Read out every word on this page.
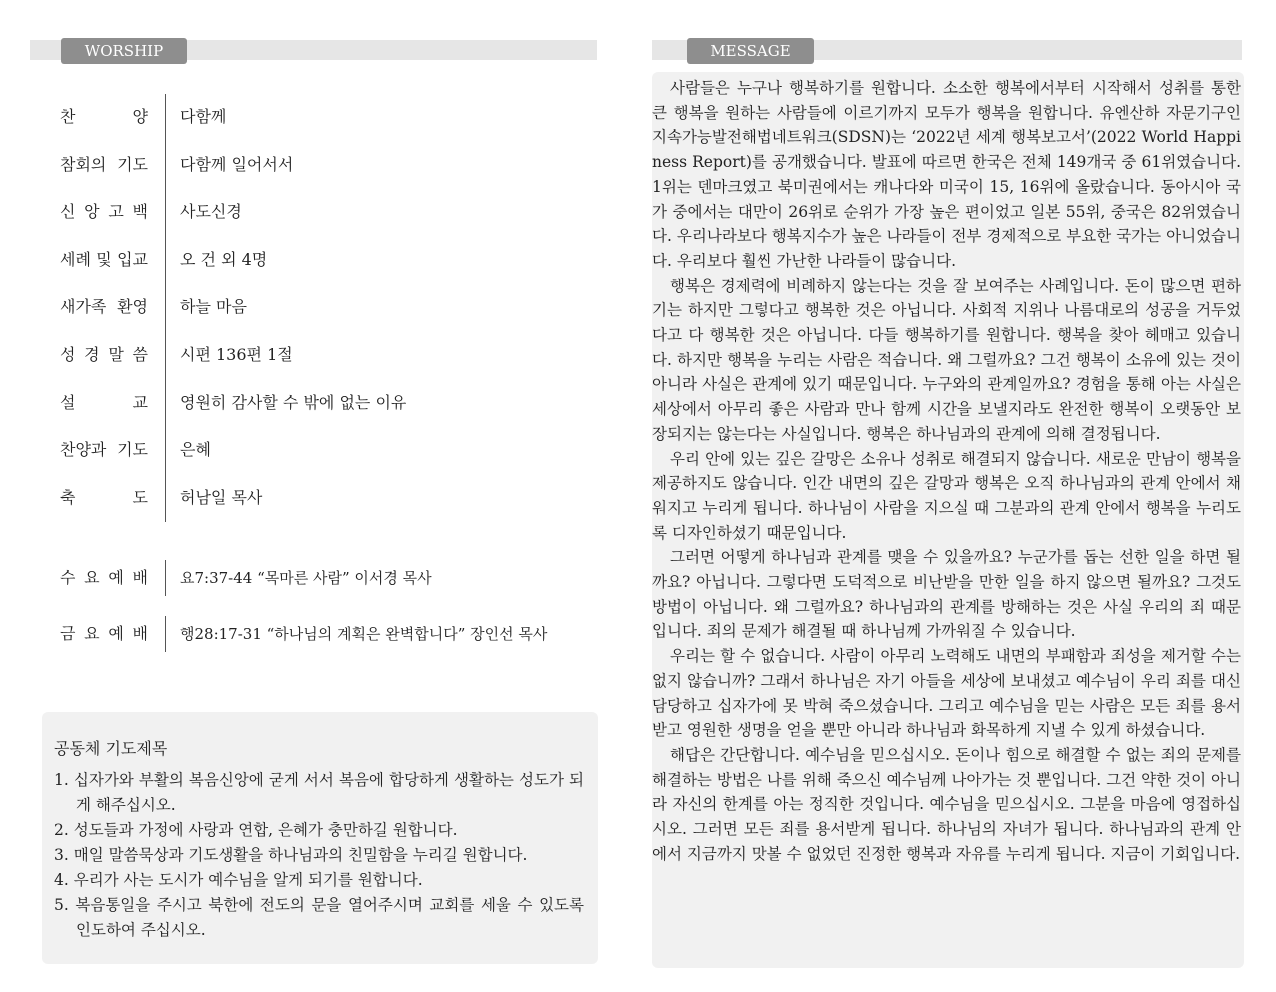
WORSHIP
찬 양	다함께
참회의 기도	다함께 일어서서
신 앙 고 백	사도신경
세례 및 입교	오 건 외 4명
새가족 환영	하늘 마음
성 경 말 씀	시편 136편 1절
설 교	영원히 감사할 수 밖에 없는 이유
찬양과 기도	은혜
축 도	허남일 목사
수 요 예 배	요7:37-44 “목마른 사람” 이서경 목사
금 요 예 배	행28:17-31 “하나님의 계획은 완벽합니다” 장인선 목사
공동체 기도제목
1. 십자가와 부활의 복음신앙에 굳게 서서 복음에 합당하게 생활하는 성도가 되게 해주십시오.
2. 성도들과 가정에 사랑과 연합, 은혜가 충만하길 원합니다.
3. 매일 말씀묵상과 기도생활을 하나님과의 친밀함을 누리길 원합니다.
4. 우리가 사는 도시가 예수님을 알게 되기를 원합니다.
5. 복음통일을 주시고 북한에 전도의 문을 열어주시며 교회를 세울 수 있도록 인도하여 주십시오.
MESSAGE

사람들은 누구나 행복하기를 원합니다. 소소한 행복에서부터 시작해서 성취를 통한 큰 행복을 원하는 사람들에 이르기까지 모두가 행복을 원합니다. 유엔산하 자문기구인 지속가능발전해법네트워크(SDSN)는 ‘2022년 세계 행복보고서’(2022 World Happiness Report)를 공개했습니다. 발표에 따르면 한국은 전체 149개국 중 61위였습니다. 1위는 덴마크였고 북미권에서는 캐나다와 미국이 15, 16위에 올랐습니다. 동아시아 국가 중에서는 대만이 26위로 순위가 가장 높은 편이었고 일본 55위, 중국은 82위였습니다. 우리나라보다 행복지수가 높은 나라들이 전부 경제적으로 부요한 국가는 아니었습니다. 우리보다 훨씬 가난한 나라들이 많습니다.

행복은 경제력에 비례하지 않는다는 것을 잘 보여주는 사례입니다. 돈이 많으면 편하기는 하지만 그렇다고 행복한 것은 아닙니다. 사회적 지위나 나름대로의 성공을 거두었다고 다 행복한 것은 아닙니다. 다들 행복하기를 원합니다. 행복을 찾아 헤매고 있습니다. 하지만 행복을 누리는 사람은 적습니다. 왜 그럴까요? 그건 행복이 소유에 있는 것이 아니라 사실은 관계에 있기 때문입니다. 누구와의 관계일까요? 경험을 통해 아는 사실은 세상에서 아무리 좋은 사람과 만나 함께 시간을 보낼지라도 완전한 행복이 오랫동안 보장되지는 않는다는 사실입니다. 행복은 하나님과의 관계에 의해 결정됩니다.

우리 안에 있는 깊은 갈망은 소유나 성취로 해결되지 않습니다. 새로운 만남이 행복을 제공하지도 않습니다. 인간 내면의 깊은 갈망과 행복은 오직 하나님과의 관계 안에서 채워지고 누리게 됩니다. 하나님이 사람을 지으실 때 그분과의 관계 안에서 행복을 누리도록 디자인하셨기 때문입니다.

그러면 어떻게 하나님과 관계를 맺을 수 있을까요? 누군가를 돕는 선한 일을 하면 될까요? 아닙니다. 그렇다면 도덕적으로 비난받을 만한 일을 하지 않으면 될까요? 그것도 방법이 아닙니다. 왜 그럴까요? 하나님과의 관계를 방해하는 것은 사실 우리의 죄 때문입니다. 죄의 문제가 해결될 때 하나님께 가까워질 수 있습니다.

우리는 할 수 없습니다. 사람이 아무리 노력해도 내면의 부패함과 죄성을 제거할 수는 없지 않습니까? 그래서 하나님은 자기 아들을 세상에 보내셨고 예수님이 우리 죄를 대신 담당하고 십자가에 못 박혀 죽으셨습니다. 그리고 예수님을 믿는 사람은 모든 죄를 용서받고 영원한 생명을 얻을 뿐만 아니라 하나님과 화목하게 지낼 수 있게 하셨습니다.

해답은 간단합니다. 예수님을 믿으십시오. 돈이나 힘으로 해결할 수 없는 죄의 문제를 해결하는 방법은 나를 위해 죽으신 예수님께 나아가는 것 뿐입니다. 그건 약한 것이 아니라 자신의 한계를 아는 정직한 것입니다. 예수님을 믿으십시오. 그분을 마음에 영접하십시오. 그러면 모든 죄를 용서받게 됩니다. 하나님의 자녀가 됩니다. 하나님과의 관계 안에서 지금까지 맛볼 수 없었던 진정한 행복과 자유를 누리게 됩니다. 지금이 기회입니다.
